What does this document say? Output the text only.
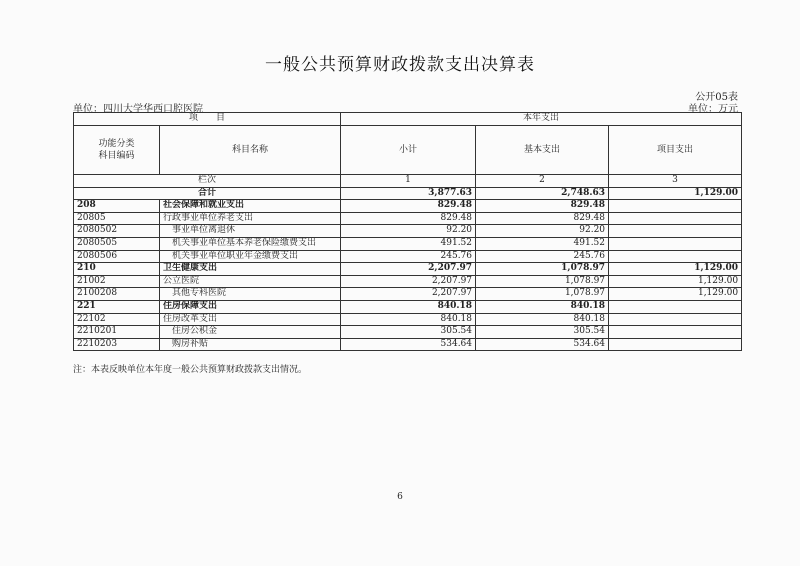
一般公共预算财政拨款支出决算表
公开05表
单位：四川大学华西口腔医院	单位：万元
项　　目		本年支出		
功能分类
科目编码	科目名称	小计	基本支出	项目支出
栏次		1	2	3
合计		3,877.63	2,748.63	1,129.00
208	社会保障和就业支出	829.48	829.48	
20805	行政事业单位养老支出	829.48	829.48	
2080502	事业单位离退休	92.20	92.20	
2080505	机关事业单位基本养老保险缴费支出	491.52	491.52	
2080506	机关事业单位职业年金缴费支出	245.76	245.76	
210	卫生健康支出	2,207.97	1,078.97	1,129.00
21002	公立医院	2,207.97	1,078.97	1,129.00
2100208	其他专科医院	2,207.97	1,078.97	1,129.00
221	住房保障支出	840.18	840.18	
22102	住房改革支出	840.18	840.18	
2210201	住房公积金	305.54	305.54	
2210203	购房补贴	534.64	534.64	
注：本表反映单位本年度一般公共预算财政拨款支出情况。
6
